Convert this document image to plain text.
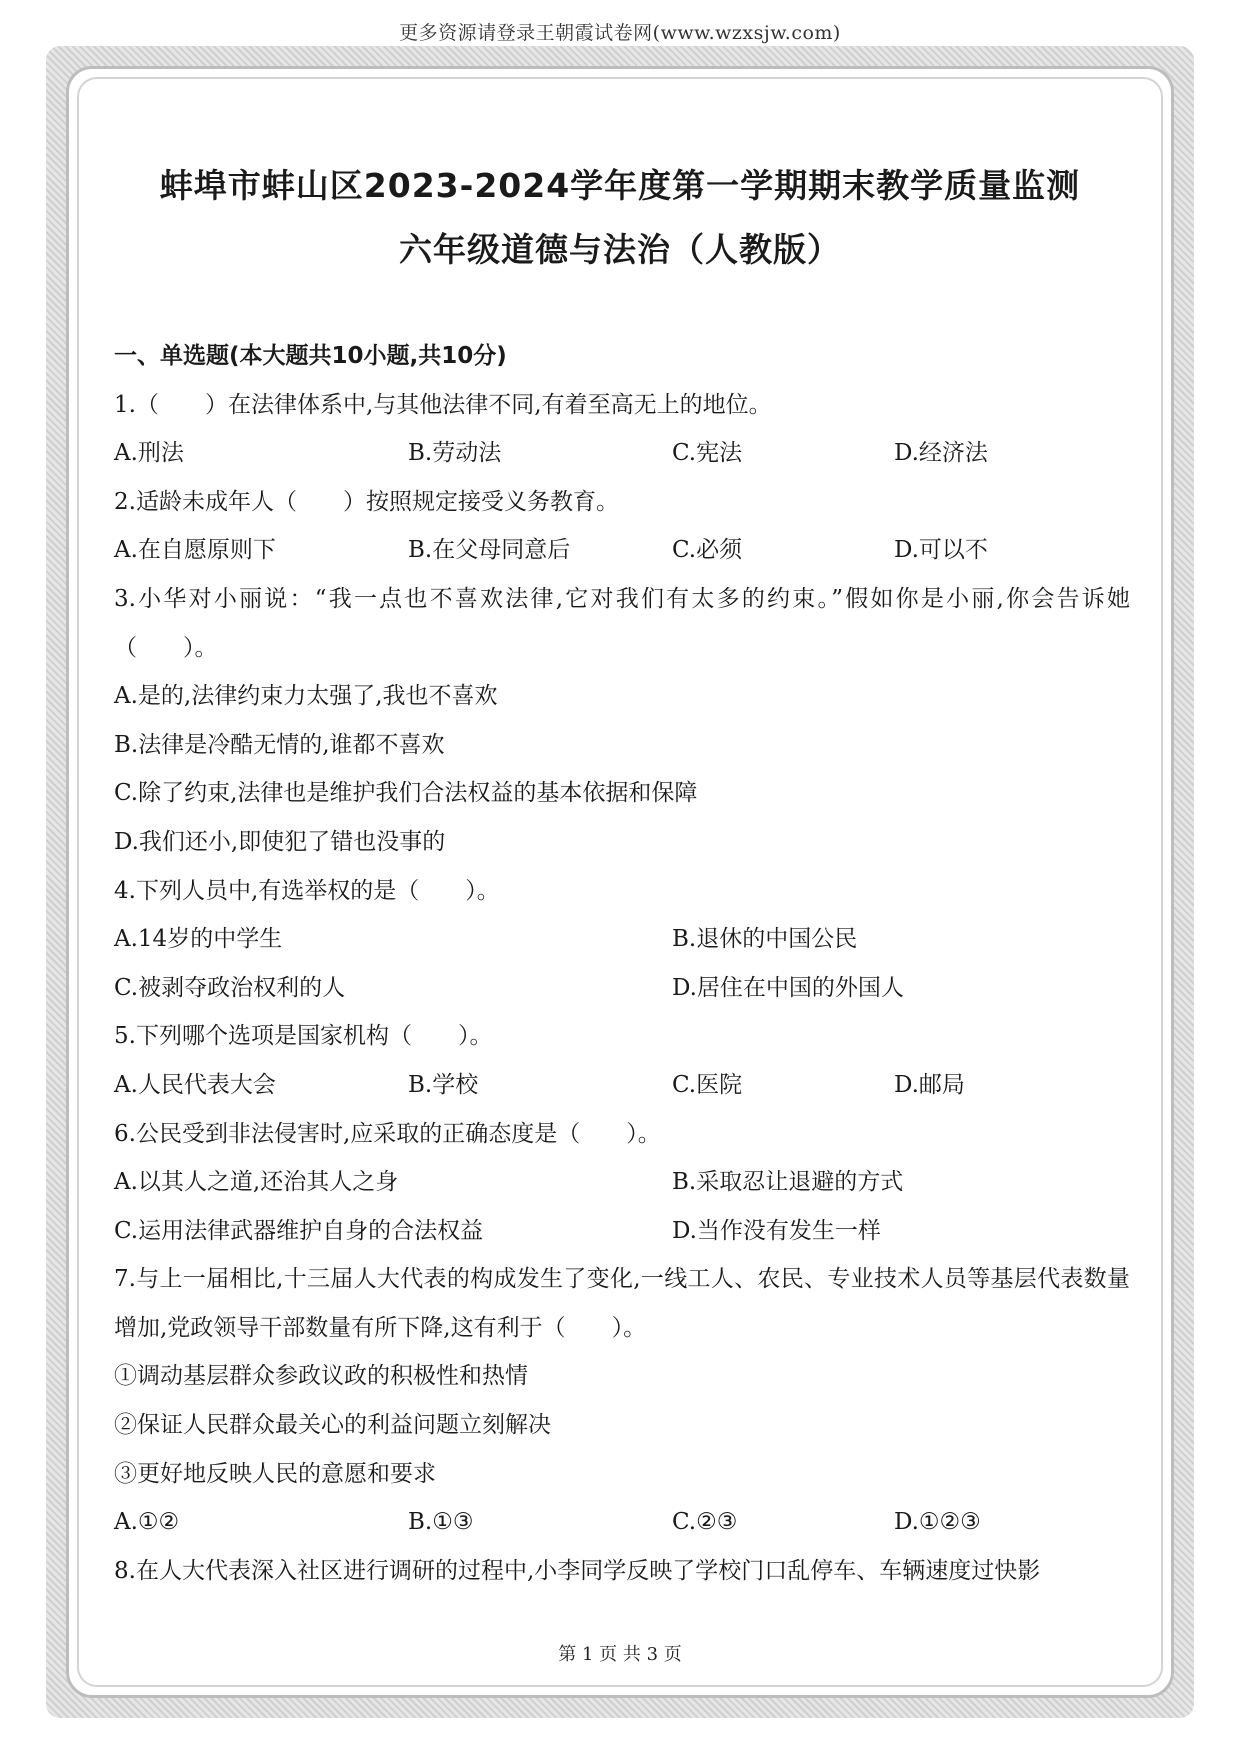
更多资源请登录王朝霞试卷网(www.wzxsjw.com)
蚌埠市蚌山区2023-2024学年度第一学期期末教学质量监测
六年级道德与法治（人教版）
一、单选题(本大题共10小题,共10分)
1.（　　）在法律体系中,与其他法律不同,有着至高无上的地位。
A.刑法	B.劳动法	C.宪法	D.经济法
2.适龄未成年人（　　）按照规定接受义务教育。
A.在自愿原则下	B.在父母同意后	C.必须	D.可以不
3.小华对小丽说：“我一点也不喜欢法律,它对我们有太多的约束。”假如你是小丽,你会告诉她（　　）。
A.是的,法律约束力太强了,我也不喜欢
B.法律是冷酷无情的,谁都不喜欢
C.除了约束,法律也是维护我们合法权益的基本依据和保障
D.我们还小,即使犯了错也没事的
4.下列人员中,有选举权的是（　　）。
A.14岁的中学生	B.退休的中国公民
C.被剥夺政治权利的人	D.居住在中国的外国人
5.下列哪个选项是国家机构（　　）。
A.人民代表大会	B.学校	C.医院	D.邮局
6.公民受到非法侵害时,应采取的正确态度是（　　）。
A.以其人之道,还治其人之身	B.采取忍让退避的方式
C.运用法律武器维护自身的合法权益	D.当作没有发生一样
7.与上一届相比,十三届人大代表的构成发生了变化,一线工人、农民、专业技术人员等基层代表数量增加,党政领导干部数量有所下降,这有利于（　　）。
①调动基层群众参政议政的积极性和热情
②保证人民群众最关心的利益问题立刻解决
③更好地反映人民的意愿和要求
A.①②	B.①③	C.②③	D.①②③
8.在人大代表深入社区进行调研的过程中,小李同学反映了学校门口乱停车、车辆速度过快影
第 1 页 共 3 页
